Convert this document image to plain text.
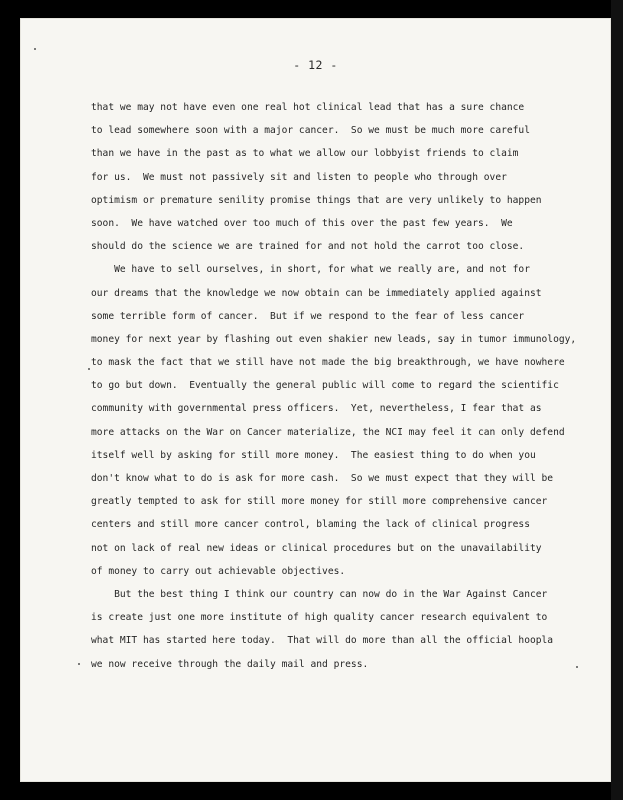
- 12 -
that we may not have even one real hot clinical lead that has a sure chance
to lead somewhere soon with a major cancer.  So we must be much more careful
than we have in the past as to what we allow our lobbyist friends to claim
for us.  We must not passively sit and listen to people who through over
optimism or premature senility promise things that are very unlikely to happen
soon.  We have watched over too much of this over the past few years.  We
should do the science we are trained for and not hold the carrot too close.
We have to sell ourselves, in short, for what we really are, and not for
our dreams that the knowledge we now obtain can be immediately applied against
some terrible form of cancer.  But if we respond to the fear of less cancer
money for next year by flashing out even shakier new leads, say in tumor immunology,
to mask the fact that we still have not made the big breakthrough, we have nowhere
to go but down.  Eventually the general public will come to regard the scientific
community with governmental press officers.  Yet, nevertheless, I fear that as
more attacks on the War on Cancer materialize, the NCI may feel it can only defend
itself well by asking for still more money.  The easiest thing to do when you
don't know what to do is ask for more cash.  So we must expect that they will be
greatly tempted to ask for still more money for still more comprehensive cancer
centers and still more cancer control, blaming the lack of clinical progress
not on lack of real new ideas or clinical procedures but on the unavailability
of money to carry out achievable objectives.
But the best thing I think our country can now do in the War Against Cancer
is create just one more institute of high quality cancer research equivalent to
what MIT has started here today.  That will do more than all the official hoopla
we now receive through the daily mail and press.
